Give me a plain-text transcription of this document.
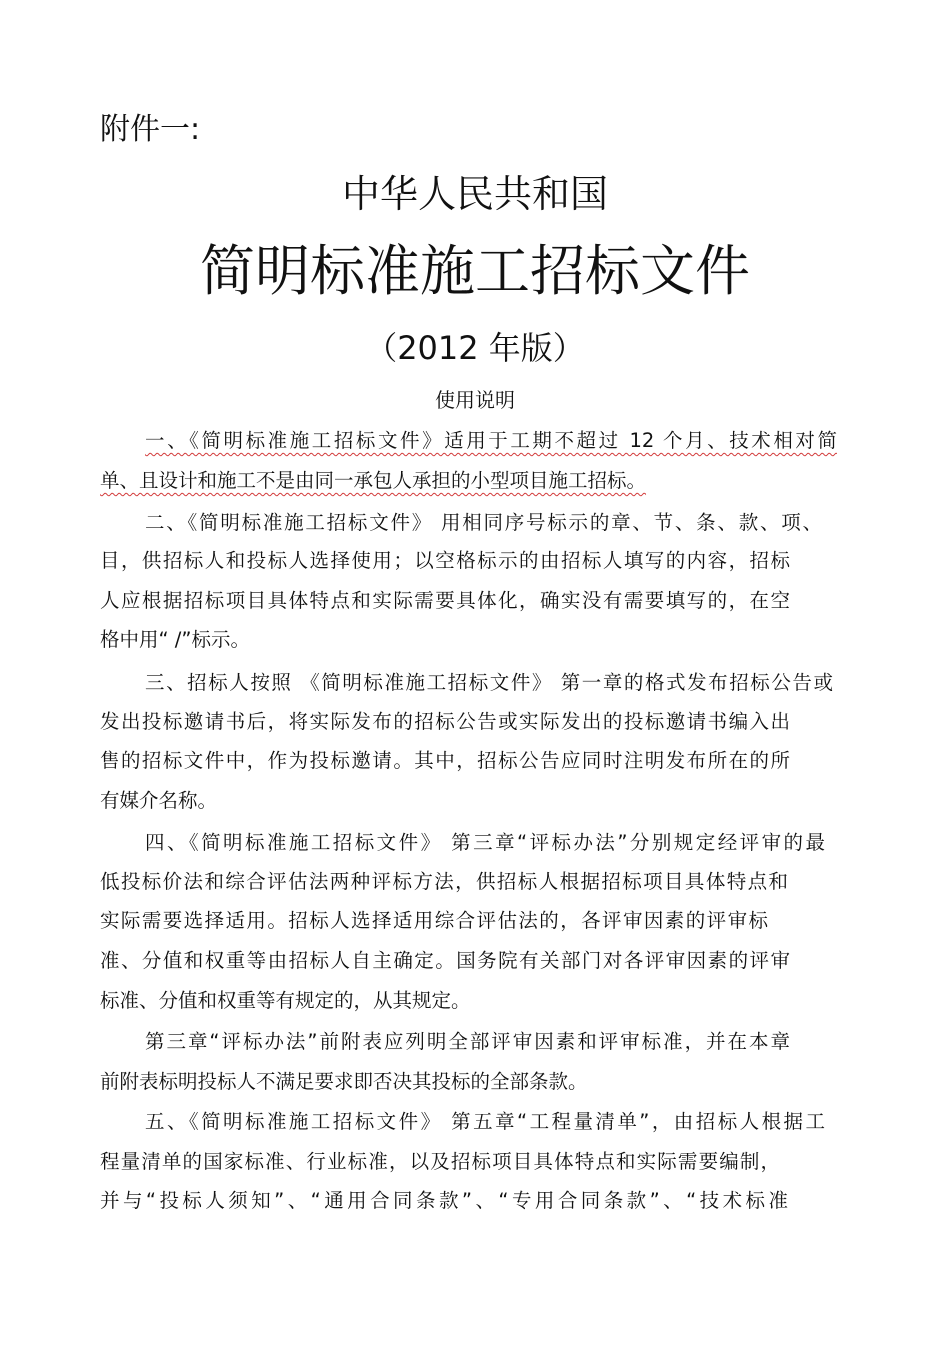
附件一:
中华人民共和国
简明标准施工招标文件
（2012 年版）
使用说明
一、《简明标准施工招标文件》适用于工期不超过 12 个月、技术相对简
单、且设计和施工不是由同一承包人承担的小型项目施工招标。
二、《简明标准施工招标文件》 用相同序号标示的章、节、条、款、项、
目，供招标人和投标人选择使用；以空格标示的由招标人填写的内容，招标
人应根据招标项目具体特点和实际需要具体化，确实没有需要填写的，在空
格中用“ /”标示。
三、招标人按照 《简明标准施工招标文件》 第一章的格式发布招标公告或
发出投标邀请书后，将实际发布的招标公告或实际发出的投标邀请书编入出
售的招标文件中，作为投标邀请。其中，招标公告应同时注明发布所在的所
有媒介名称。
四、《简明标准施工招标文件》 第三章“评标办法”分别规定经评审的最
低投标价法和综合评估法两种评标方法，供招标人根据招标项目具体特点和
实际需要选择适用。招标人选择适用综合评估法的，各评审因素的评审标
准、分值和权重等由招标人自主确定。国务院有关部门对各评审因素的评审
标准、分值和权重等有规定的，从其规定。
第三章“评标办法”前附表应列明全部评审因素和评审标准，并在本章
前附表标明投标人不满足要求即否决其投标的全部条款。
五、《简明标准施工招标文件》 第五章“工程量清单”，由招标人根据工
程量清单的国家标准、行业标准，以及招标项目具体特点和实际需要编制，
并与“投标人须知”、“通用合同条款”、“专用合同条款”、“技术标准
